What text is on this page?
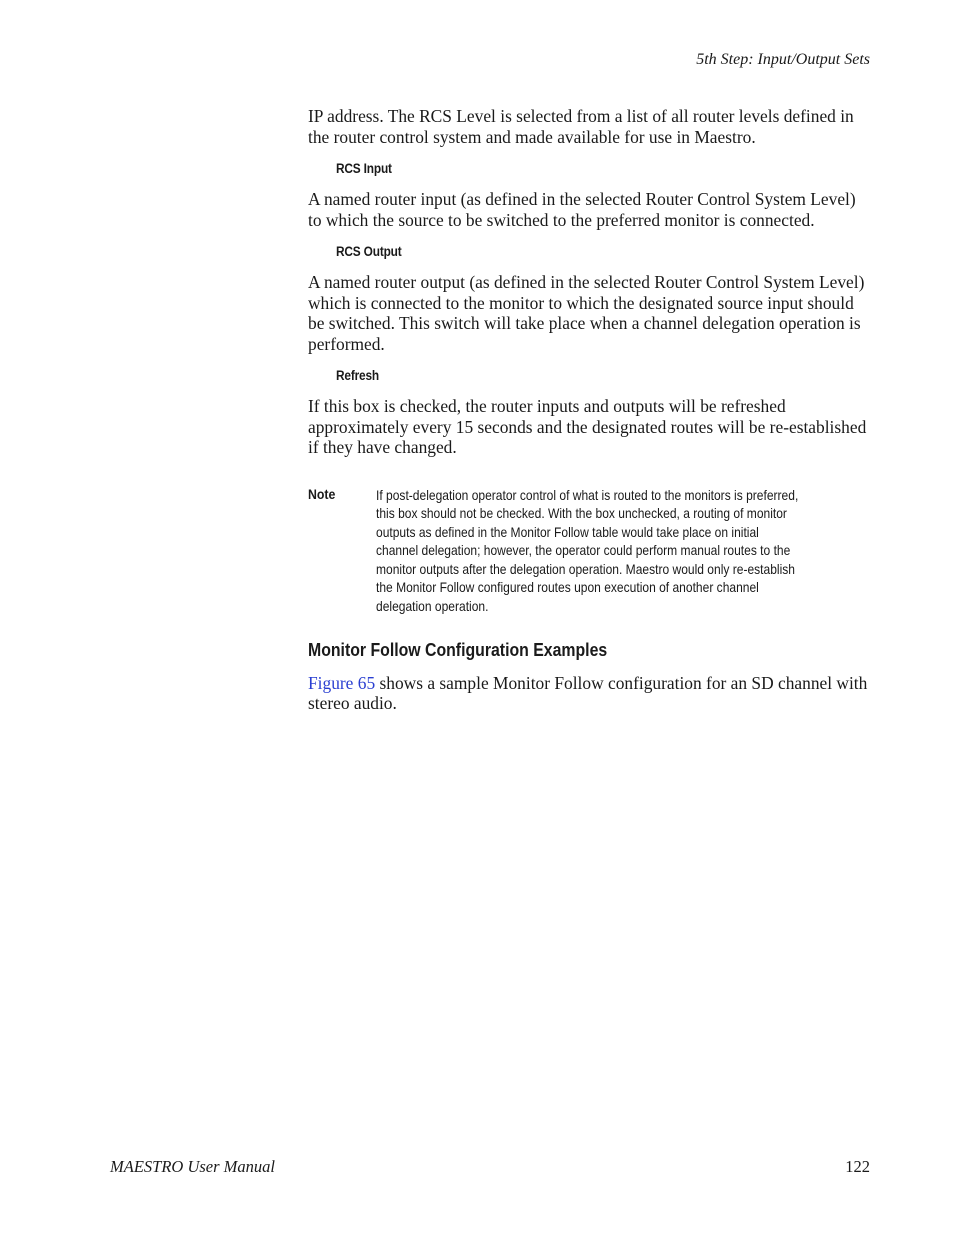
5th Step: Input/Output Sets

IP address. The RCS Level is selected from a list of all router levels defined in the router control system and made available for use in Maestro.

RCS Input

A named router input (as defined in the selected Router Control System Level) to which the source to be switched to the preferred monitor is connected.

RCS Output

A named router output (as defined in the selected Router Control System Level) which is connected to the monitor to which the designated source input should be switched. This switch will take place when a channel delegation operation is performed.

Refresh

If this box is checked, the router inputs and outputs will be refreshed approximately every 15 seconds and the designated routes will be re-established if they have changed.

Note	If post-delegation operator control of what is routed to the monitors is preferred, this box should not be checked. With the box unchecked, a routing of monitor outputs as defined in the Monitor Follow table would take place on initial channel delegation; however, the operator could perform manual routes to the monitor outputs after the delegation operation. Maestro would only re-establish the Monitor Follow configured routes upon execution of another channel delegation operation.

Monitor Follow Configuration Examples

Figure 65 shows a sample Monitor Follow configuration for an SD channel with stereo audio.

MAESTRO User Manual	122
